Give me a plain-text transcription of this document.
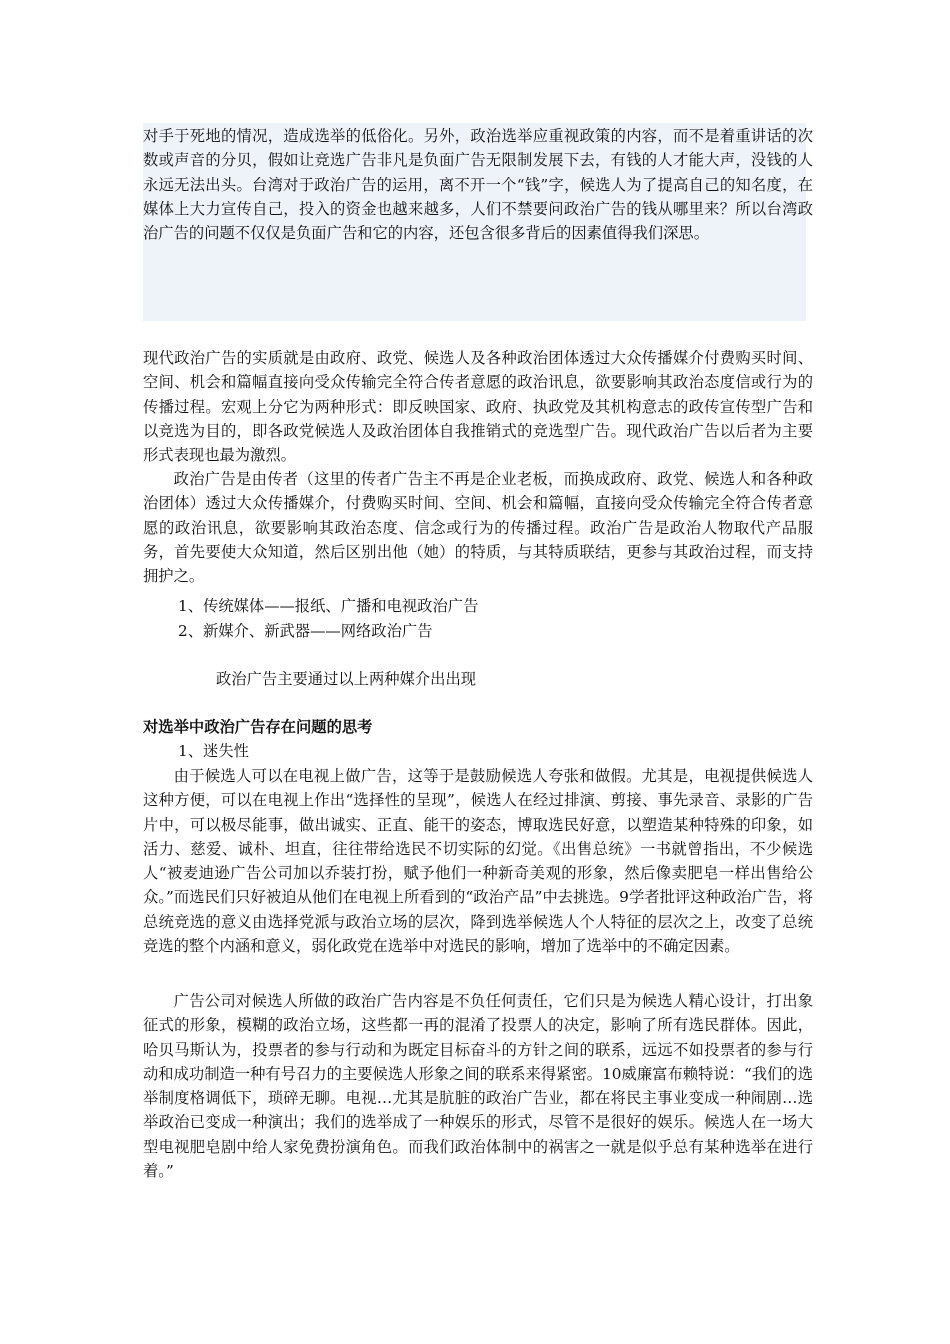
对手于死地的情况，造成选举的低俗化。另外，政治选举应重视政策的内容，而不是着重讲话的次数或声音的分贝，假如让竞选广告非凡是负面广告无限制发展下去，有钱的人才能大声，没钱的人永远无法出头。台湾对于政治广告的运用，离不开一个“钱”字，候选人为了提高自己的知名度，在媒体上大力宣传自己，投入的资金也越来越多，人们不禁要问政治广告的钱从哪里来？所以台湾政治广告的问题不仅仅是负面广告和它的内容，还包含很多背后的因素值得我们深思。

现代政治广告的实质就是由政府、政党、候选人及各种政治团体透过大众传播媒介付费购买时间、空间、机会和篇幅直接向受众传输完全符合传者意愿的政治讯息，欲要影响其政治态度信或行为的传播过程。宏观上分它为两种形式：即反映国家、政府、执政党及其机构意志的政传宣传型广告和以竞选为目的，即各政党候选人及政治团体自我推销式的竞选型广告。现代政治广告以后者为主要形式表现也最为激烈。

政治广告是由传者（这里的传者广告主不再是企业老板，而换成政府、政党、候选人和各种政治团体）透过大众传播媒介，付费购买时间、空间、机会和篇幅，直接向受众传输完全符合传者意愿的政治讯息，欲要影响其政治态度、信念或行为的传播过程。政治广告是政治人物取代产品服务，首先要使大众知道，然后区别出他（她）的特质，与其特质联结，更参与其政治过程，而支持拥护之。

1、传统媒体——报纸、广播和电视政治广告

2、新媒介、新武器——网络政治广告

政治广告主要通过以上两种媒介出出现

对选举中政治广告存在问题的思考

1、迷失性

由于候选人可以在电视上做广告，这等于是鼓励候选人夸张和做假。尤其是，电视提供候选人这种方便，可以在电视上作出“选择性的呈现”，候选人在经过排演、剪接、事先录音、录影的广告片中，可以极尽能事，做出诚实、正直、能干的姿态，博取选民好意，以塑造某种特殊的印象，如活力、慈爱、诚朴、坦直，往往带给选民不切实际的幻觉。《出售总统》一书就曾指出，不少候选人“被麦迪逊广告公司加以乔装打扮，赋予他们一种新奇美观的形象，然后像卖肥皂一样出售给公众。”而选民们只好被迫从他们在电视上所看到的“政治产品”中去挑选。9学者批评这种政治广告，将总统竞选的意义由选择党派与政治立场的层次，降到选举候选人个人特征的层次之上，改变了总统竞选的整个内涵和意义，弱化政党在选举中对选民的影响，增加了选举中的不确定因素。

广告公司对候选人所做的政治广告内容是不负任何责任，它们只是为候选人精心设计，打出象征式的形象，模糊的政治立场，这些都一再的混淆了投票人的决定，影响了所有选民群体。因此，哈贝马斯认为，投票者的参与行动和为既定目标奋斗的方针之间的联系，远远不如投票者的参与行动和成功制造一种有号召力的主要候选人形象之间的联系来得紧密。10威廉富布赖特说：“我们的选举制度格调低下，琐碎无聊。电视…尤其是肮脏的政治广告业，都在将民主事业变成一种闹剧…选举政治已变成一种演出；我们的选举成了一种娱乐的形式，尽管不是很好的娱乐。候选人在一场大型电视肥皂剧中给人家免费扮演角色。而我们政治体制中的祸害之一就是似乎总有某种选举在进行着。”
